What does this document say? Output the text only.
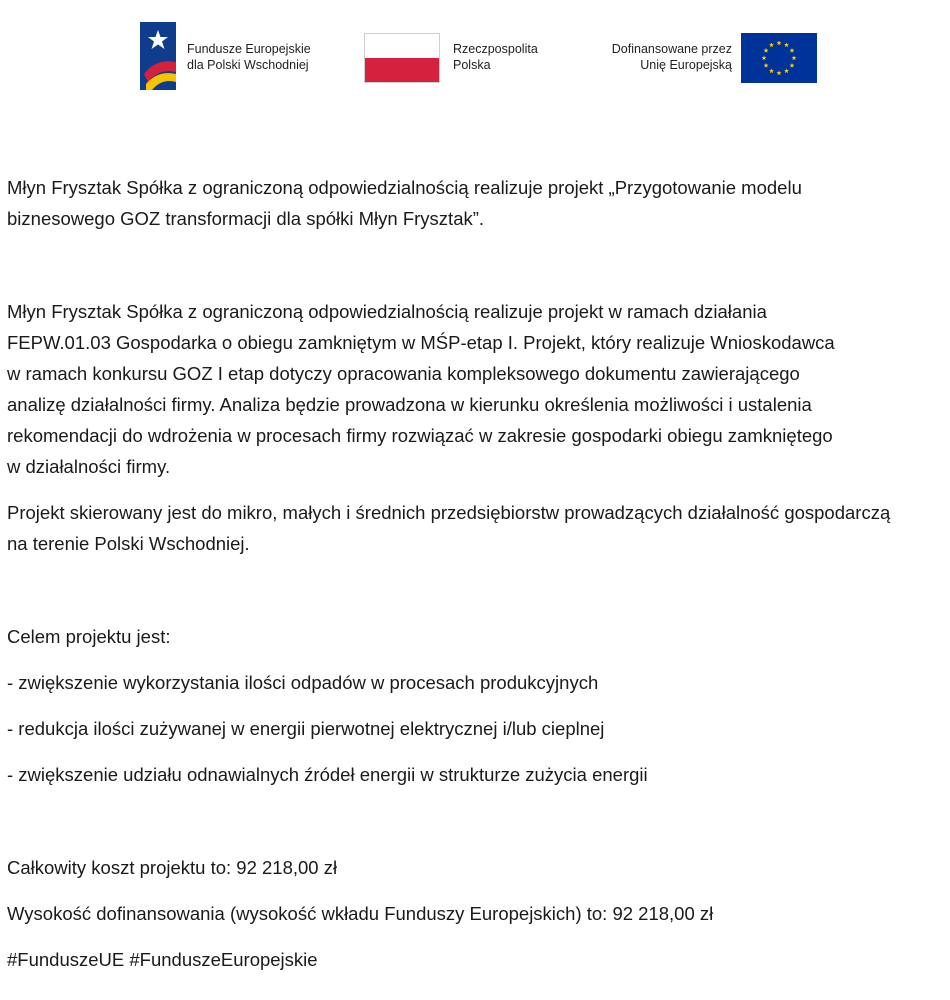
Fundusze Europejskie
dla Polski Wschodniej
Rzeczpospolita
Polska
Dofinansowane przez
Unię Europejską

Młyn Frysztak Spółka z ograniczoną odpowiedzialnością realizuje projekt „Przygotowanie modelu biznesowego GOZ transformacji dla spółki Młyn Frysztak”.

Młyn Frysztak Spółka z ograniczoną odpowiedzialnością realizuje projekt w ramach działania
FEPW.01.03 Gospodarka o obiegu zamkniętym w MŚP-etap I. Projekt, który realizuje Wnioskodawca
w ramach konkursu GOZ I etap dotyczy opracowania kompleksowego dokumentu zawierającego
analizę działalności firmy. Analiza będzie prowadzona w kierunku określenia możliwości i ustalenia
rekomendacji do wdrożenia w procesach firmy rozwiązać w zakresie gospodarki obiegu zamkniętego
w działalności firmy.

Projekt skierowany jest do mikro, małych i średnich przedsiębiorstw prowadzących działalność gospodarczą na terenie Polski Wschodniej.

Celem projektu jest:

- zwiększenie wykorzystania ilości odpadów w procesach produkcyjnych

- redukcja ilości zużywanej w energii pierwotnej elektrycznej i/lub cieplnej

- zwiększenie udziału odnawialnych źródeł energii w strukturze zużycia energii

Całkowity koszt projektu to: 92 218,00 zł

Wysokość dofinansowania (wysokość wkładu Funduszy Europejskich) to: 92 218,00 zł

#FunduszeUE #FunduszeEuropejskie
